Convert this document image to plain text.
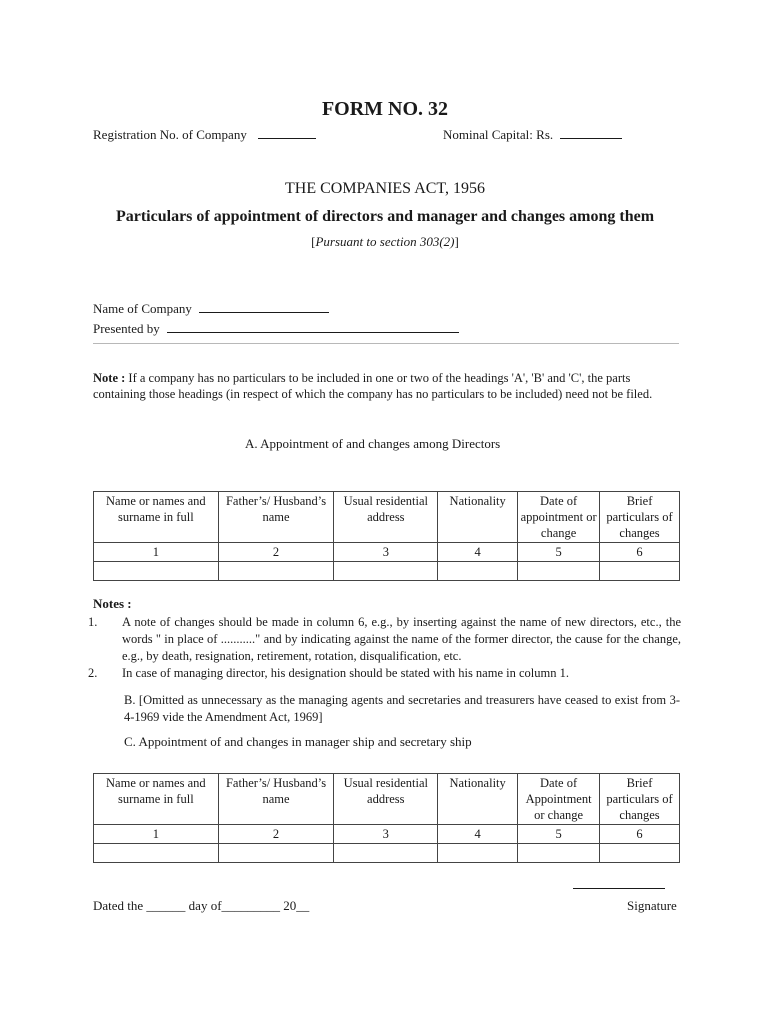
FORM NO. 32
Registration No. of Company	Nominal Capital: Rs.
THE COMPANIES ACT, 1956
Particulars of appointment of directors and manager and changes among them
[Pursuant to section 303(2)]
Name of Company
Presented by
Note : If a company has no particulars to be included in one or two of the headings 'A', 'B' and 'C', the parts containing those headings (in respect of which the company has no particulars to be included) need not be filed.
A. Appointment of and changes among Directors
Name or names and surname in full	Father’s/ Husband’s name	Usual residential address	Nationality	Date of appointment or change	Brief particulars of changes
1	2	3	4	5	6

Notes :
1. A note of changes should be made in column 6, e.g., by inserting against the name of new directors, etc., the words " in place of ..........." and by indicating against the name of the former director, the cause for the change, e.g., by death, resignation, retirement, rotation, disqualification, etc.
2. In case of managing director, his designation should be stated with his name in column 1.
B. [Omitted as unnecessary as the managing agents and secretaries and treasurers have ceased to exist from 3-4-1969 vide the Amendment Act, 1969]
C. Appointment of and changes in manager ship and secretary ship
Name or names and surname in full	Father’s/ Husband’s name	Usual residential address	Nationality	Date of Appointment or change	Brief particulars of changes
1	2	3	4	5	6

Dated the ______ day of_________ 20__	Signature
